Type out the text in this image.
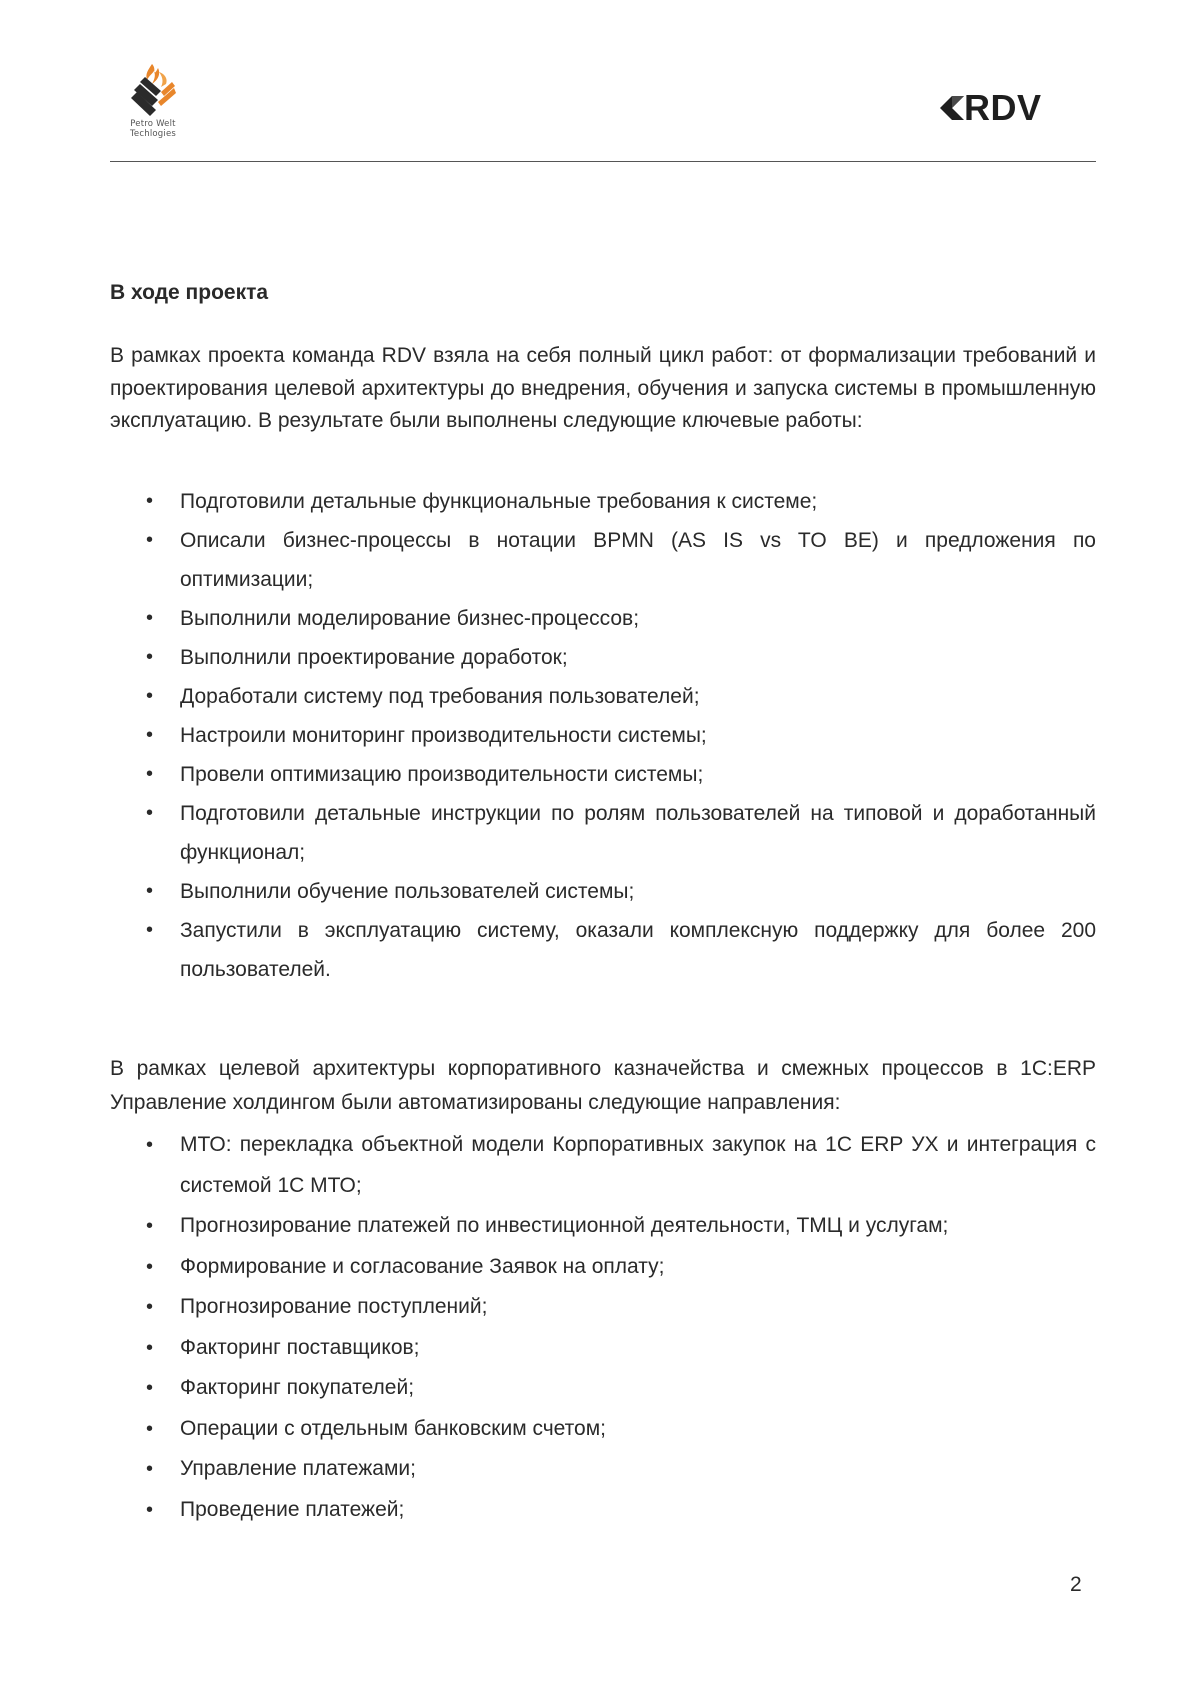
Petro Welt
Techlogies
RDV
В ходе проекта

В рамках проекта команда RDV взяла на себя полный цикл работ: от формализации требований и проектирования целевой архитектуры до внедрения, обучения и запуска системы в промышленную эксплуатацию. В результате были выполнены следующие ключевые работы:

• Подготовили детальные функциональные требования к системе;
• Описали бизнес-процессы в нотации BPMN (AS IS vs TO BE) и предложения по оптимизации;
• Выполнили моделирование бизнес-процессов;
• Выполнили проектирование доработок;
• Доработали систему под требования пользователей;
• Настроили мониторинг производительности системы;
• Провели оптимизацию производительности системы;
• Подготовили детальные инструкции по ролям пользователей на типовой и доработанный функционал;
• Выполнили обучение пользователей системы;
• Запустили в эксплуатацию систему, оказали комплексную поддержку для более 200 пользователей.

В рамках целевой архитектуры корпоративного казначейства и смежных процессов в 1С:ERP Управление холдингом были автоматизированы следующие направления:

• МТО: перекладка объектной модели Корпоративных закупок на 1С ERP УХ и интеграция с системой 1С МТО;
• Прогнозирование платежей по инвестиционной деятельности, ТМЦ и услугам;
• Формирование и согласование Заявок на оплату;
• Прогнозирование поступлений;
• Факторинг поставщиков;
• Факторинг покупателей;
• Операции с отдельным банковским счетом;
• Управление платежами;
• Проведение платежей;
2
